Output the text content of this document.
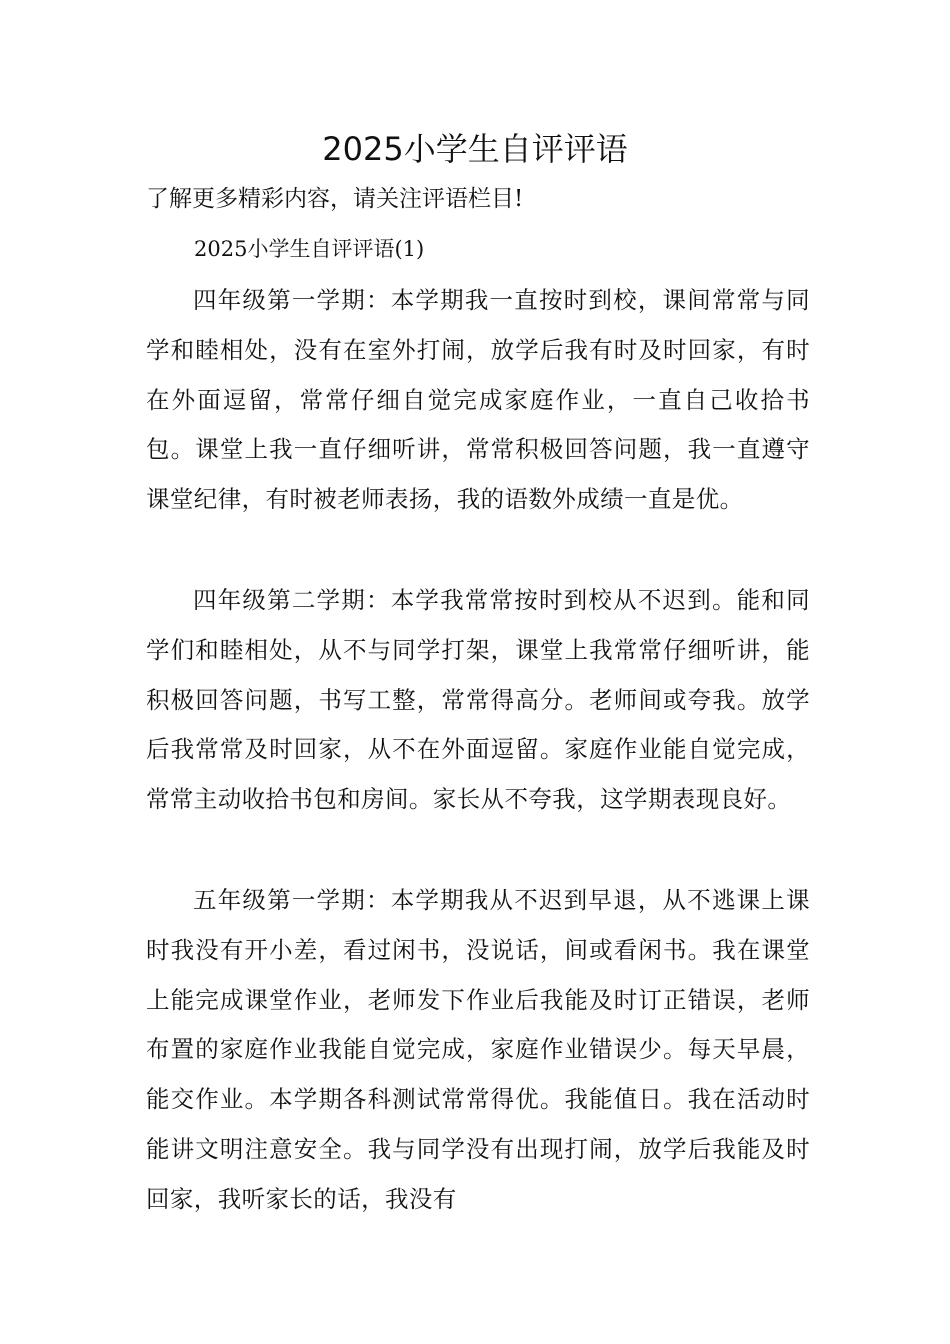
2025小学生自评评语

了解更多精彩内容，请关注评语栏目!

2025小学生自评评语(1)

四年级第一学期：本学期我一直按时到校，课间常常与同学和睦相处，没有在室外打闹，放学后我有时及时回家，有时在外面逗留，常常仔细自觉完成家庭作业，一直自己收拾书包。课堂上我一直仔细听讲，常常积极回答问题，我一直遵守课堂纪律，有时被老师表扬，我的语数外成绩一直是优。

四年级第二学期：本学我常常按时到校从不迟到。能和同学们和睦相处，从不与同学打架，课堂上我常常仔细听讲，能积极回答问题，书写工整，常常得高分。老师间或夸我。放学后我常常及时回家，从不在外面逗留。家庭作业能自觉完成，常常主动收拾书包和房间。家长从不夸我，这学期表现良好。

五年级第一学期：本学期我从不迟到早退，从不逃课上课时我没有开小差，看过闲书，没说话，间或看闲书。我在课堂上能完成课堂作业，老师发下作业后我能及时订正错误，老师布置的家庭作业我能自觉完成，家庭作业错误少。每天早晨，能交作业。本学期各科测试常常得优。我能值日。我在活动时能讲文明注意安全。我与同学没有出现打闹，放学后我能及时回家，我听家长的话，我没有
